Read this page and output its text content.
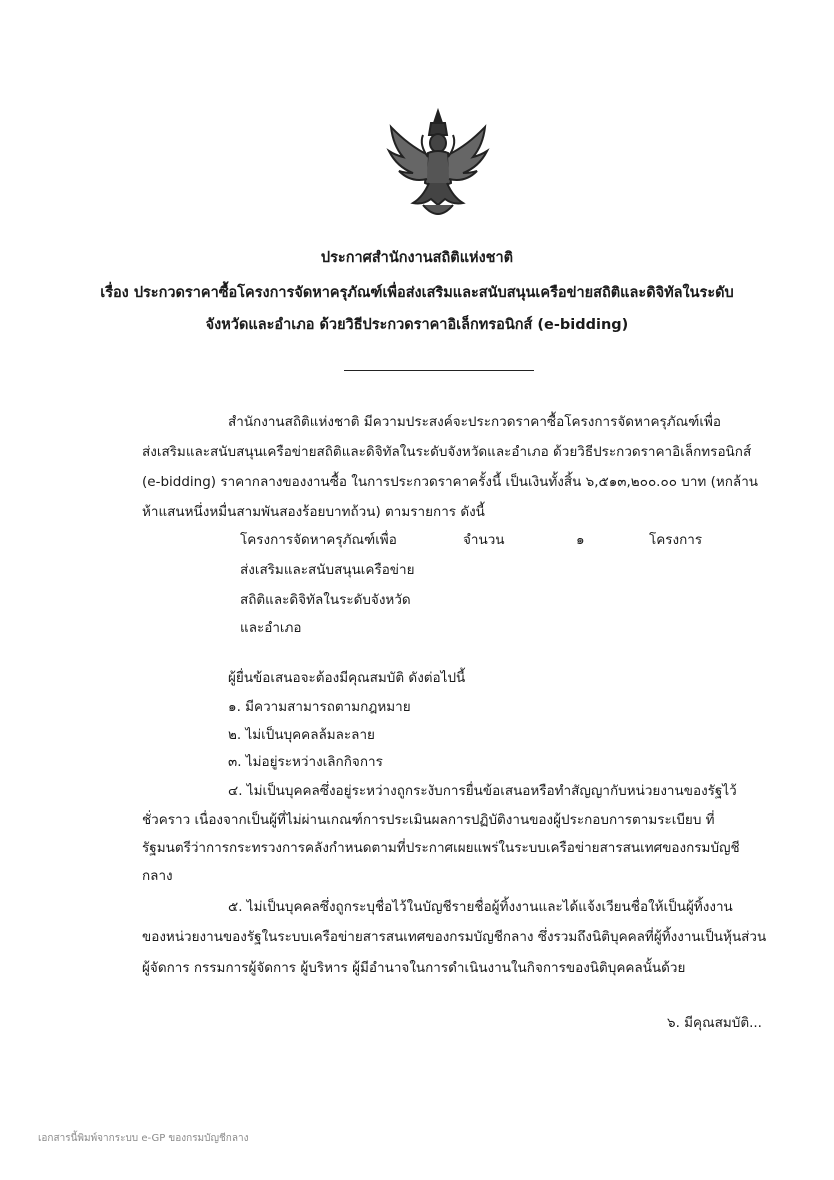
ประกาศสำนักงานสถิติแห่งชาติ
เรื่อง ประกวดราคาซื้อโครงการจัดหาครุภัณฑ์เพื่อส่งเสริมและสนับสนุนเครือข่ายสถิติและดิจิทัลในระดับ
จังหวัดและอำเภอ ด้วยวิธีประกวดราคาอิเล็กทรอนิกส์ (e-bidding)
สำนักงานสถิติแห่งชาติ มีความประสงค์จะประกวดราคาซื้อโครงการจัดหาครุภัณฑ์เพื่อ
ส่งเสริมและสนับสนุนเครือข่ายสถิติและดิจิทัลในระดับจังหวัดและอำเภอ ด้วยวิธีประกวดราคาอิเล็กทรอนิกส์
(e-bidding) ราคากลางของงานซื้อ ในการประกวดราคาครั้งนี้ เป็นเงินทั้งสิ้น ๖,๕๑๓,๒๐๐.๐๐ บาท (หกล้าน
ห้าแสนหนึ่งหมื่นสามพันสองร้อยบาทถ้วน) ตามรายการ ดังนี้
โครงการจัดหาครุภัณฑ์เพื่อ	จำนวน	๑	โครงการ
ส่งเสริมและสนับสนุนเครือข่าย
สถิติและดิจิทัลในระดับจังหวัด
และอำเภอ
ผู้ยื่นข้อเสนอจะต้องมีคุณสมบัติ ดังต่อไปนี้
๑. มีความสามารถตามกฎหมาย
๒. ไม่เป็นบุคคลล้มละลาย
๓. ไม่อยู่ระหว่างเลิกกิจการ
๔. ไม่เป็นบุคคลซึ่งอยู่ระหว่างถูกระงับการยื่นข้อเสนอหรือทำสัญญากับหน่วยงานของรัฐไว้
ชั่วคราว เนื่องจากเป็นผู้ที่ไม่ผ่านเกณฑ์การประเมินผลการปฏิบัติงานของผู้ประกอบการตามระเบียบ ที่
รัฐมนตรีว่าการกระทรวงการคลังกำหนดตามที่ประกาศเผยแพร่ในระบบเครือข่ายสารสนเทศของกรมบัญชี
กลาง
๕. ไม่เป็นบุคคลซึ่งถูกระบุชื่อไว้ในบัญชีรายชื่อผู้ทิ้งงานและได้แจ้งเวียนชื่อให้เป็นผู้ทิ้งงาน
ของหน่วยงานของรัฐในระบบเครือข่ายสารสนเทศของกรมบัญชีกลาง ซึ่งรวมถึงนิติบุคคลที่ผู้ทิ้งงานเป็นหุ้นส่วน
ผู้จัดการ กรรมการผู้จัดการ ผู้บริหาร ผู้มีอำนาจในการดำเนินงานในกิจการของนิติบุคคลนั้นด้วย
๖. มีคุณสมบัติ...
เอกสารนี้พิมพ์จากระบบ e-GP ของกรมบัญชีกลาง
